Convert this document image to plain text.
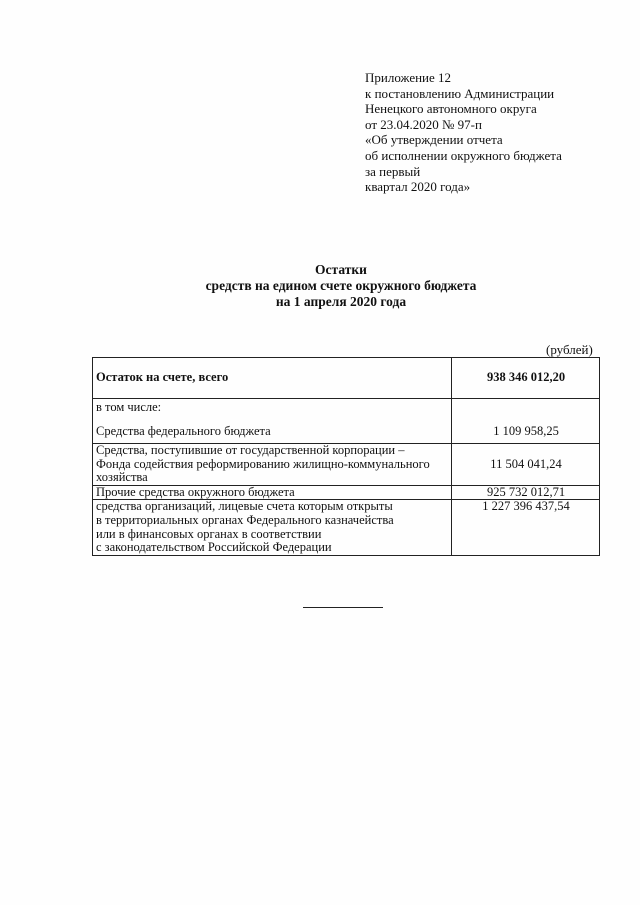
Приложение 12
к постановлению Администрации
Ненецкого автономного округа
от 23.04.2020 № 97-п
«Об утверждении отчета
об исполнении окружного бюджета
за первый
квартал 2020 года»
Остатки
средств на едином счете окружного бюджета
на 1 апреля 2020 года
(рублей)
Остаток на счете, всего	938 346 012,20
в том числе:	
Средства федерального бюджета	1 109 958,25

Средства, поступившие от государственной корпорации –
Фонда содействия реформированию жилищно-коммунального
хозяйства	11 504 041,24
Прочие средства окружного бюджета	925 732 012,71

средства организаций, лицевые счета которым открыты
в территориальных органах Федерального казначейства
или в финансовых органах в соответствии
с законодательством Российской Федерации	1 227 396 437,54
